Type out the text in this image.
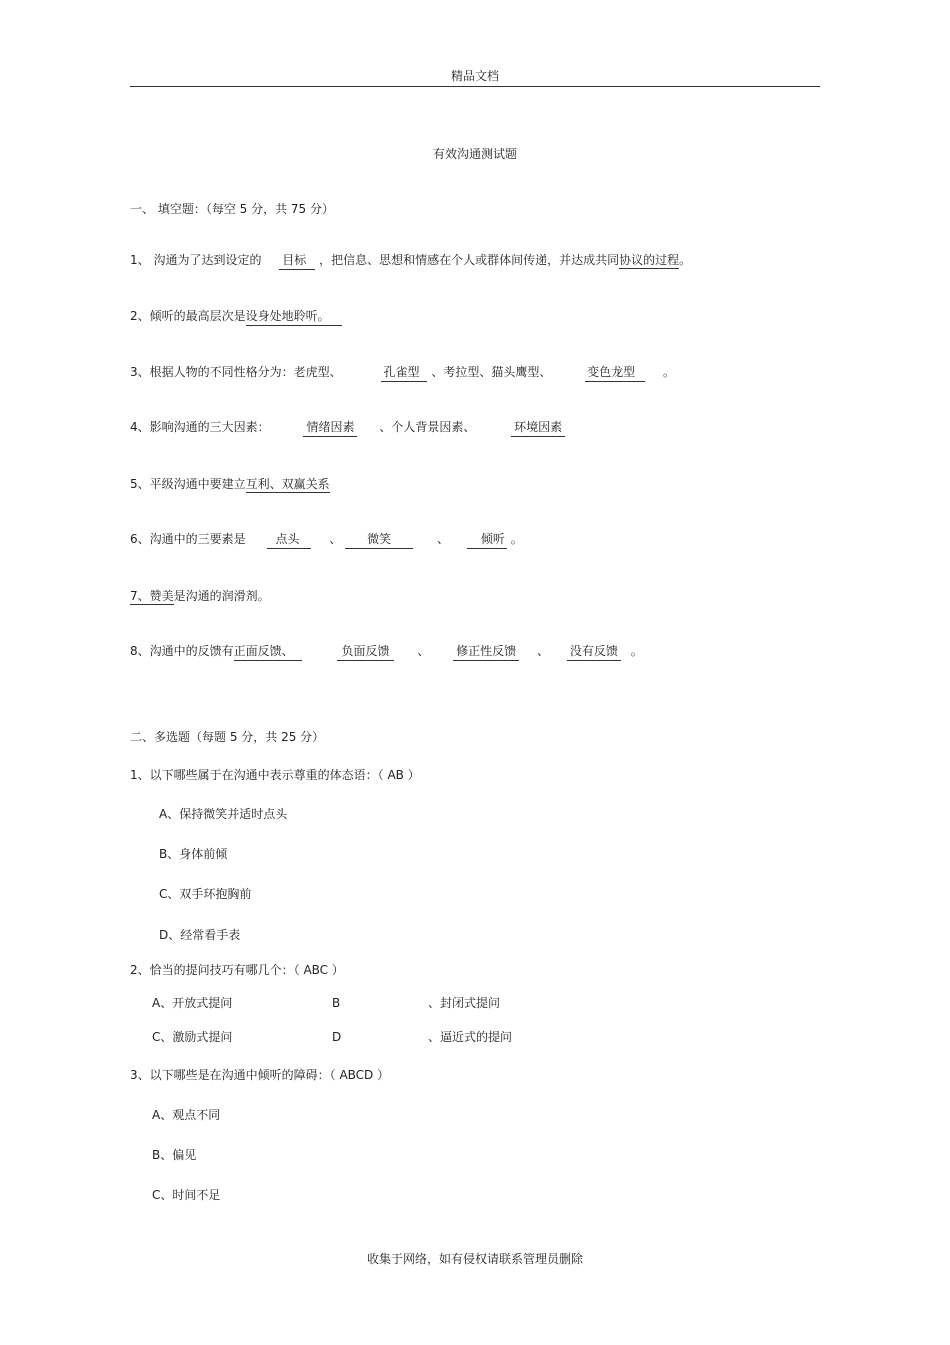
精品文档
有效沟通测试题
一、 填空题：（每空 5 分，共 75 分）
1、 沟通为了达到设定的 目标 ，把信息、思想和情感在个人或群体间传递，并达成共同协议的过程。
2、倾听的最高层次是设身处地聆听。
3、根据人物的不同性格分为：老虎型、	孔雀型 、考拉型、猫头鹰型、	变色龙型 。
4、影响沟通的三大因素：	情绪因素 、个人背景因素、	环境因素
5、平级沟通中要建立互利、双赢关系
6、沟通中的三要素是 点头 、 微笑	、	倾听 。
7、赞美是沟通的润滑剂。
8、沟通中的反馈有正面反馈、	负面反馈 、 修正性反馈 、 没有反馈 。
二、多选题（每题 5 分，共 25 分）
1、以下哪些属于在沟通中表示尊重的体态语：（ AB ）
A、保持微笑并适时点头
B、身体前倾
C、双手环抱胸前
D、经常看手表
2、恰当的提问技巧有哪几个：（ ABC ）
A、开放式提问	B	、封闭式提问
C、激励式提问	D	、逼近式的提问
3、以下哪些是在沟通中倾听的障碍：（ ABCD ）
A、观点不同
B、偏见
C、时间不足
收集于网络，如有侵权请联系管理员删除
